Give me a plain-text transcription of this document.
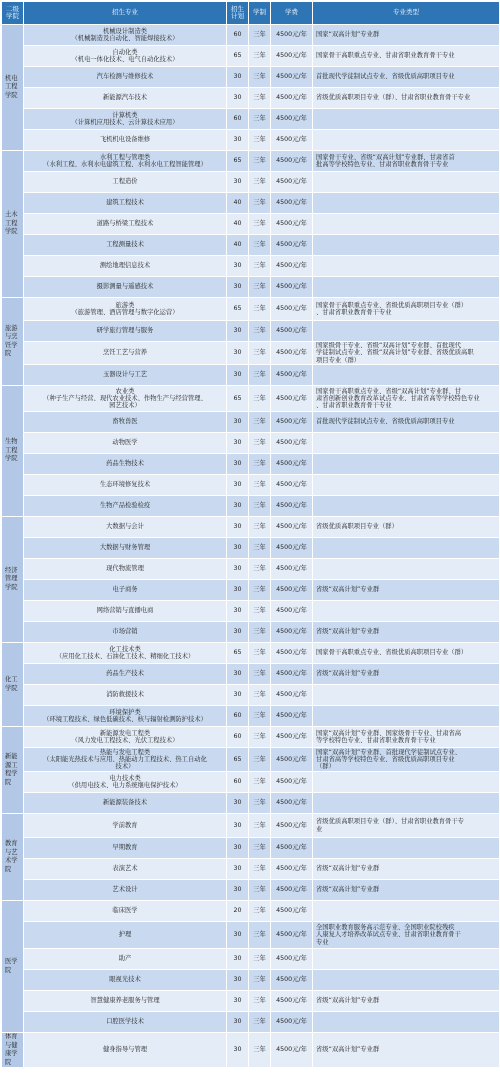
二级学院	招生专业	招生计划	学制	学费	专业类型
机电工程学院	机械设计制造类
（机械制造及自动化、智能焊接技术）	60	三年	4500元/年	国家“双高计划”专业群

	自动化类
（机电一体化技术、电气自动化技术）	65	三年	4500元/年	国家骨干高职重点专业、甘肃省职业教育骨干专业

	汽车检测与维修技术	30	三年	4500元/年	首批现代学徒制试点专业、省级优质高职项目专业

	新能源汽车技术	30	三年	4500元/年	省级优质高职项目专业（群）、甘肃省职业教育骨干专业

	计算机类
（计算机应用技术、云计算技术应用）	60	三年	4500元/年	

	飞机机电设备维修	30	三年	4500元/年	
土木工程学院	水利工程与管理类
（水利工程、水利水电建筑工程、水利水电工程智能管理）	65	三年	4500元/年	国家骨干专业、省级“双高计划”专业群、甘肃省首
批高等学校特色专业、甘肃省职业教育骨干专业

	工程造价	30	三年	4500元/年	

	建筑工程技术	40	三年	4500元/年	

	道路与桥梁工程技术	40	三年	4500元/年	

	工程测量技术	40	三年	4500元/年	

	测绘地理信息技术	30	三年	4500元/年	

	摄影测量与遥感技术	30	三年	4500元/年	
旅游与烹饪学院	旅游类
（旅游管理、酒店管理与数字化运营）	65	三年	4500元/年	国家骨干高职重点专业、省级优质高职项目专业（群）
、甘肃省职业教育骨干专业

	研学旅行管理与服务	30	三年	4500元/年	

	烹饪工艺与营养	30	三年	4500元/年	国家级骨干专业、省级“双高计划”专业群、首批现代
学徒制试点专业、省级“双高计划”专业群、省级优质高职
项目专业（群）

	玉器设计与工艺	30	三年	4500元/年	
生物工程学院	农业类
（种子生产与经营、现代农业技术、作物生产与经营管理、
园艺技术）	65	三年	4500元/年	国家骨干高职重点专业、省级“双高计划”专业群、甘
肃省创新创业教育改革试点专业、甘肃省高等学校特色专业
、甘肃省职业教育骨干专业

	畜牧兽医	30	三年	4500元/年	首批现代学徒制试点专业、省级优质高职项目专业

	动物医学	30	三年	4500元/年	

	药品生物技术	30	三年	4500元/年	

	生态环境修复技术	30	三年	4500元/年	

	生物产品检验检疫	30	三年	4500元/年	
经济管理学院	大数据与会计	30	三年	4500元/年	省级优质高职项目专业（群）

	大数据与财务管理	30	三年	4500元/年	

	现代物流管理	30	三年	4500元/年	

	电子商务	30	三年	4500元/年	省级“双高计划”专业群

	网络营销与直播电商	30	三年	4500元/年	

	市场营销	30	三年	4500元/年	省级“双高计划”专业群

化工学院	化工技术类
（应用化工技术、石油化工技术、精细化工技术）	65	三年	4500元/年	国家骨干高职重点专业、省级优质高职项目专业（群）

	药品生产技术	30	三年	4500元/年	省级“双高计划”专业群

	消防救援技术	30	三年	4500元/年	

	环境保护类
（环境工程技术、绿色低碳技术、核与辐射检测防护技术）	60	三年	4500元/年	
新能源工程学院	新能源发电工程类
（风力发电工程技术、光伏工程技术）	60	三年	4500元/年	国家“双高计划”专业群、国家级骨干专业、甘肃省高
等学校特色专业、甘肃省职业教育骨干专业

	热能与发电工程类
（太阳能光热技术与应用、热能动力工程技术、热工自动化
技术）	65	三年	4500元/年	国家“双高计划”专业群、首批现代学徒制试点专业、
甘肃省高等学校特色专业、省级优质高职项目专业
（群）

	电力技术类
（供用电技术、电力系统继电保护技术）	60	三年	4500元/年	

	新能源装备技术	30	三年	4500元/年	
教育与艺术学院	学前教育	30	三年	4500元/年	省级优质高职项目专业（群）、甘肃省职业教育骨干专
业

	早期教育	30	三年	4500元/年	

	表演艺术	30	三年	4500元/年	省级“双高计划”专业群

	艺术设计	30	三年	4500元/年	省级“双高计划”专业群

医学院	临床医学	20	三年	4500元/年	

	护理	30	三年	4500元/年	全国职业教育服务高示范专业、全国职业院校残疾
人康复人才培养改革试点专业、甘肃省职业教育骨干
专业

	助产	30	三年	4500元/年	

	眼视光技术	30	三年	4500元/年	

	智慧健康养老服务与管理	30	三年	4500元/年	省级“双高计划”专业群

	口腔医学技术	30	三年	4500元/年	
体育与健康学院	健身指导与管理	30	三年	4500元/年	省级“双高计划”专业群
